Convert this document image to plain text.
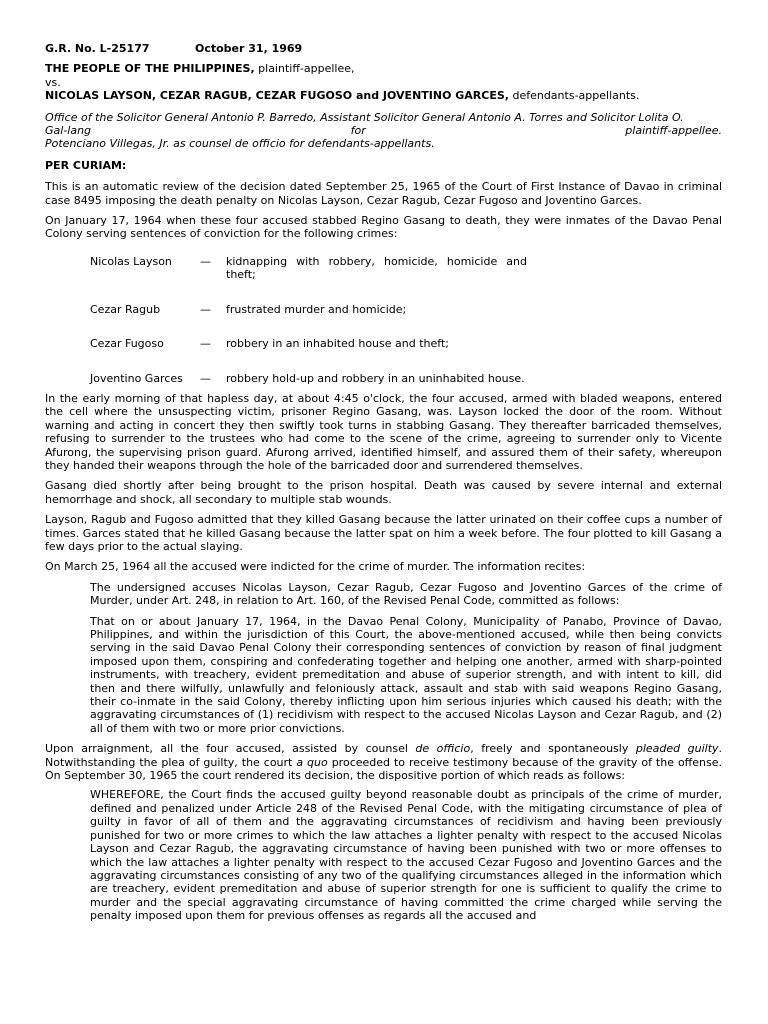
G.R. No. L-25177	October 31, 1969
THE PEOPLE OF THE PHILIPPINES, plaintiff-appellee,
vs.
NICOLAS LAYSON, CEZAR RAGUB, CEZAR FUGOSO and JOVENTINO GARCES, defendants-appellants.
Office of the Solicitor General Antonio P. Barredo, Assistant Solicitor General Antonio A. Torres and Solicitor Lolita O.
Gal-lang	for	plaintiff-appellee.
Potenciano Villegas, Jr. as counsel de officio for defendants-appellants.
PER CURIAM:

This is an automatic review of the decision dated September 25, 1965 of the Court of First Instance of Davao in criminal case 8495 imposing the death penalty on Nicolas Layson, Cezar Ragub, Cezar Fugoso and Joventino Garces.

On January 17, 1964 when these four accused stabbed Regino Gasang to death, they were inmates of the Davao Penal Colony serving sentences of conviction for the following crimes:

Nicolas Layson	—	kidnapping with robbery, homicide, homicide and theft;
Cezar Ragub	—	frustrated murder and homicide;
Cezar Fugoso	—	robbery in an inhabited house and theft;
Joventino Garces	—	robbery hold-up and robbery in an uninhabited house.

In the early morning of that hapless day, at about 4:45 o'clock, the four accused, armed with bladed weapons, entered the cell where the unsuspecting victim, prisoner Regino Gasang, was. Layson locked the door of the room. Without warning and acting in concert they then swiftly took turns in stabbing Gasang. They thereafter barricaded themselves, refusing to surrender to the trustees who had come to the scene of the crime, agreeing to surrender only to Vicente Afurong, the supervising prison guard. Afurong arrived, identified himself, and assured them of their safety, whereupon they handed their weapons through the hole of the barricaded door and surrendered themselves.

Gasang died shortly after being brought to the prison hospital. Death was caused by severe internal and external hemorrhage and shock, all secondary to multiple stab wounds.

Layson, Ragub and Fugoso admitted that they killed Gasang because the latter urinated on their coffee cups a number of times. Garces stated that he killed Gasang because the latter spat on him a week before. The four plotted to kill Gasang a few days prior to the actual slaying.

On March 25, 1964 all the accused were indicted for the crime of murder. The information recites:

The undersigned accuses Nicolas Layson, Cezar Ragub, Cezar Fugoso and Joventino Garces of the crime of Murder, under Art. 248, in relation to Art. 160, of the Revised Penal Code, committed as follows:

That on or about January 17, 1964, in the Davao Penal Colony, Municipality of Panabo, Province of Davao, Philippines, and within the jurisdiction of this Court, the above-mentioned accused, while then being convicts serving in the said Davao Penal Colony their corresponding sentences of conviction by reason of final judgment imposed upon them, conspiring and confederating together and helping one another, armed with sharp-pointed instruments, with treachery, evident premeditation and abuse of superior strength, and with intent to kill, did then and there wilfully, unlawfully and feloniously attack, assault and stab with said weapons Regino Gasang, their co-inmate in the said Colony, thereby inflicting upon him serious injuries which caused his death; with the aggravating circumstances of (1) recidivism with respect to the accused Nicolas Layson and Cezar Ragub, and (2) all of them with two or more prior convictions.

Upon arraignment, all the four accused, assisted by counsel de officio, freely and spontaneously pleaded guilty. Notwithstanding the plea of guilty, the court a quo proceeded to receive testimony because of the gravity of the offense. On September 30, 1965 the court rendered its decision, the dispositive portion of which reads as follows:

WHEREFORE, the Court finds the accused guilty beyond reasonable doubt as principals of the crime of murder, defined and penalized under Article 248 of the Revised Penal Code, with the mitigating circumstance of plea of guilty in favor of all of them and the aggravating circumstances of recidivism and having been previously punished for two or more crimes to which the law attaches a lighter penalty with respect to the accused Nicolas Layson and Cezar Ragub, the aggravating circumstance of having been punished with two or more offenses to which the law attaches a lighter penalty with respect to the accused Cezar Fugoso and Joventino Garces and the aggravating circumstances consisting of any two of the qualifying circumstances alleged in the information which are treachery, evident premeditation and abuse of superior strength for one is sufficient to qualify the crime to murder and the special aggravating circumstance of having committed the crime charged while serving the penalty imposed upon them for previous offenses as regards all the accused and
